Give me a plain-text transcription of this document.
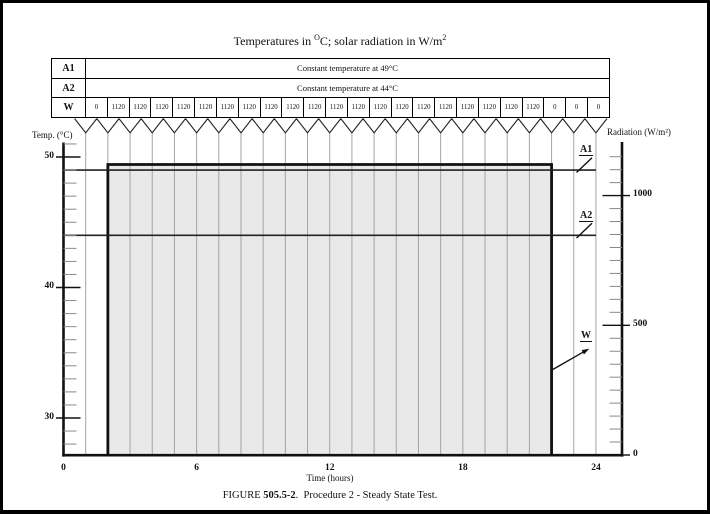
Temperatures in $^O$C; solar radiation in $W/m^2$
A1	Constant temperature at 49°C
A2	Constant temperature at 44°C
W	0	1120	1120	1120	1120	1120	1120	1120	1120	1120	1120	1120	1120	1120	1120	1120	1120	1120	1120	1120	1120	0	0	0
50
40
30
1000
500
0
0	6	12	18	24
Temp. (°C)	Radiation (W/m²)
Time (hours)
A1
A2
W
FIGURE 505.5-2.  Procedure 2 - Steady State Test.
